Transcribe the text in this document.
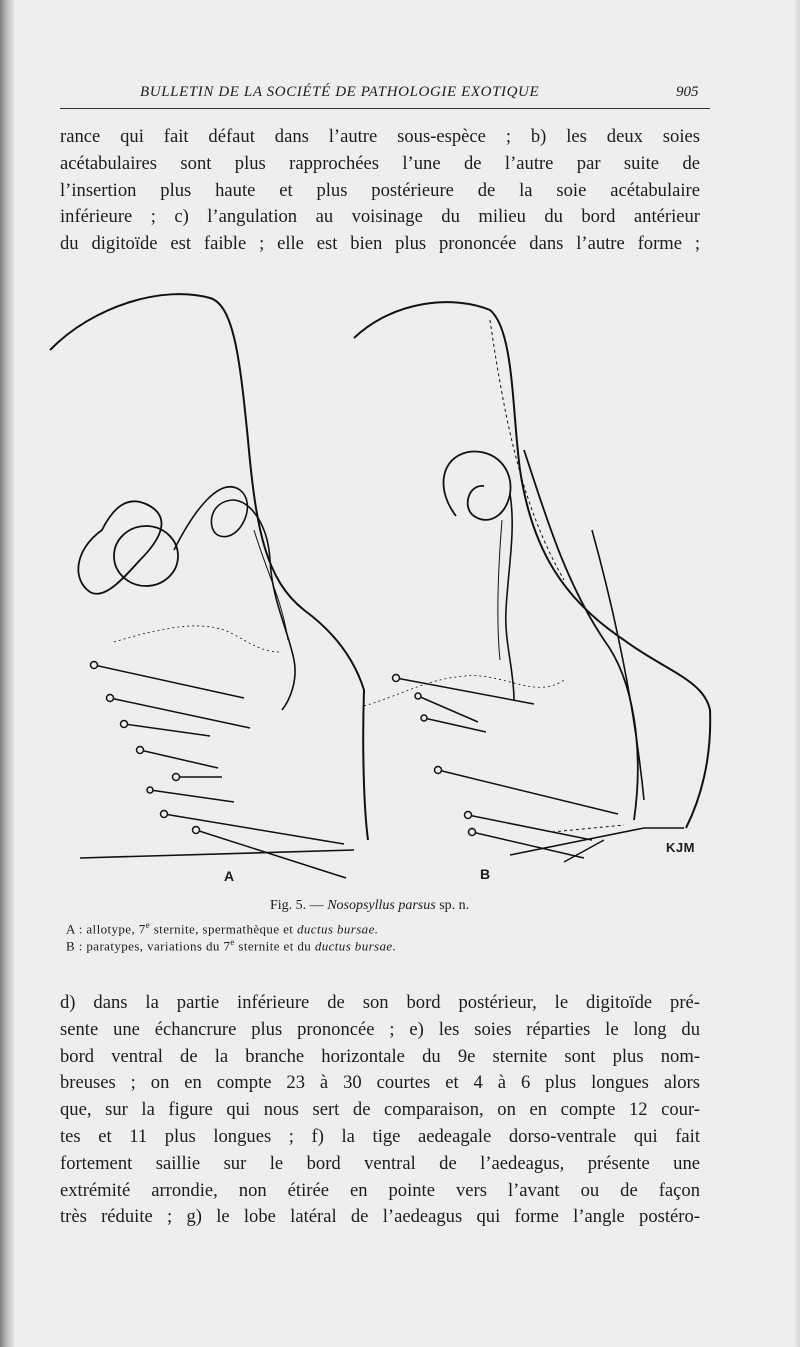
BULLETIN DE LA SOCIÉTÉ DE PATHOLOGIE EXOTIQUE	905
rance qui fait défaut dans l’autre sous-espèce ; b) les deux soies
acétabulaires sont plus rapprochées l’une de l’autre par suite de
l’insertion plus haute et plus postérieure de la soie acétabulaire
inférieure ; c) l’angulation au voisinage du milieu du bord antérieur
du digitoïde est faible ; elle est bien plus prononcée dans l’autre forme ;
A	B
KJM
Fig. 5. — Nosopsyllus parsus sp. n.
A : allotype, 7e sternite, spermathèque et ductus bursae.
B : paratypes, variations du 7e sternite et du ductus bursae.
d) dans la partie inférieure de son bord postérieur, le digitoïde pré-
sente une échancrure plus prononcée ; e) les soies réparties le long du
bord ventral de la branche horizontale du 9e sternite sont plus nom-
breuses ; on en compte 23 à 30 courtes et 4 à 6 plus longues alors
que, sur la figure qui nous sert de comparaison, on en compte 12 cour-
tes et 11 plus longues ; f) la tige aedeagale dorso-ventrale qui fait
fortement saillie sur le bord ventral de l’aedeagus, présente une
extrémité arrondie, non étirée en pointe vers l’avant ou de façon
très réduite ; g) le lobe latéral de l’aedeagus qui forme l’angle postéro-
